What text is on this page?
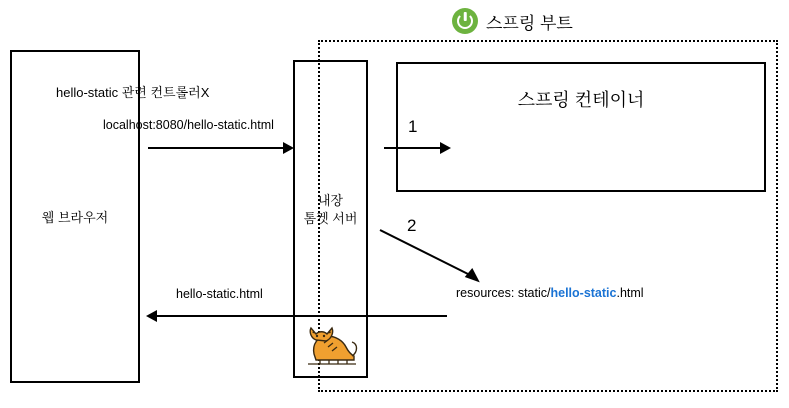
스프링 부트
웹 브라우저
내장
톰켓 서버
스프링 컨테이너
hello-static 관련 컨트롤러X
localhost:8080/hello-static.html	1
2
resources: static/hello-static.html
hello-static.html
